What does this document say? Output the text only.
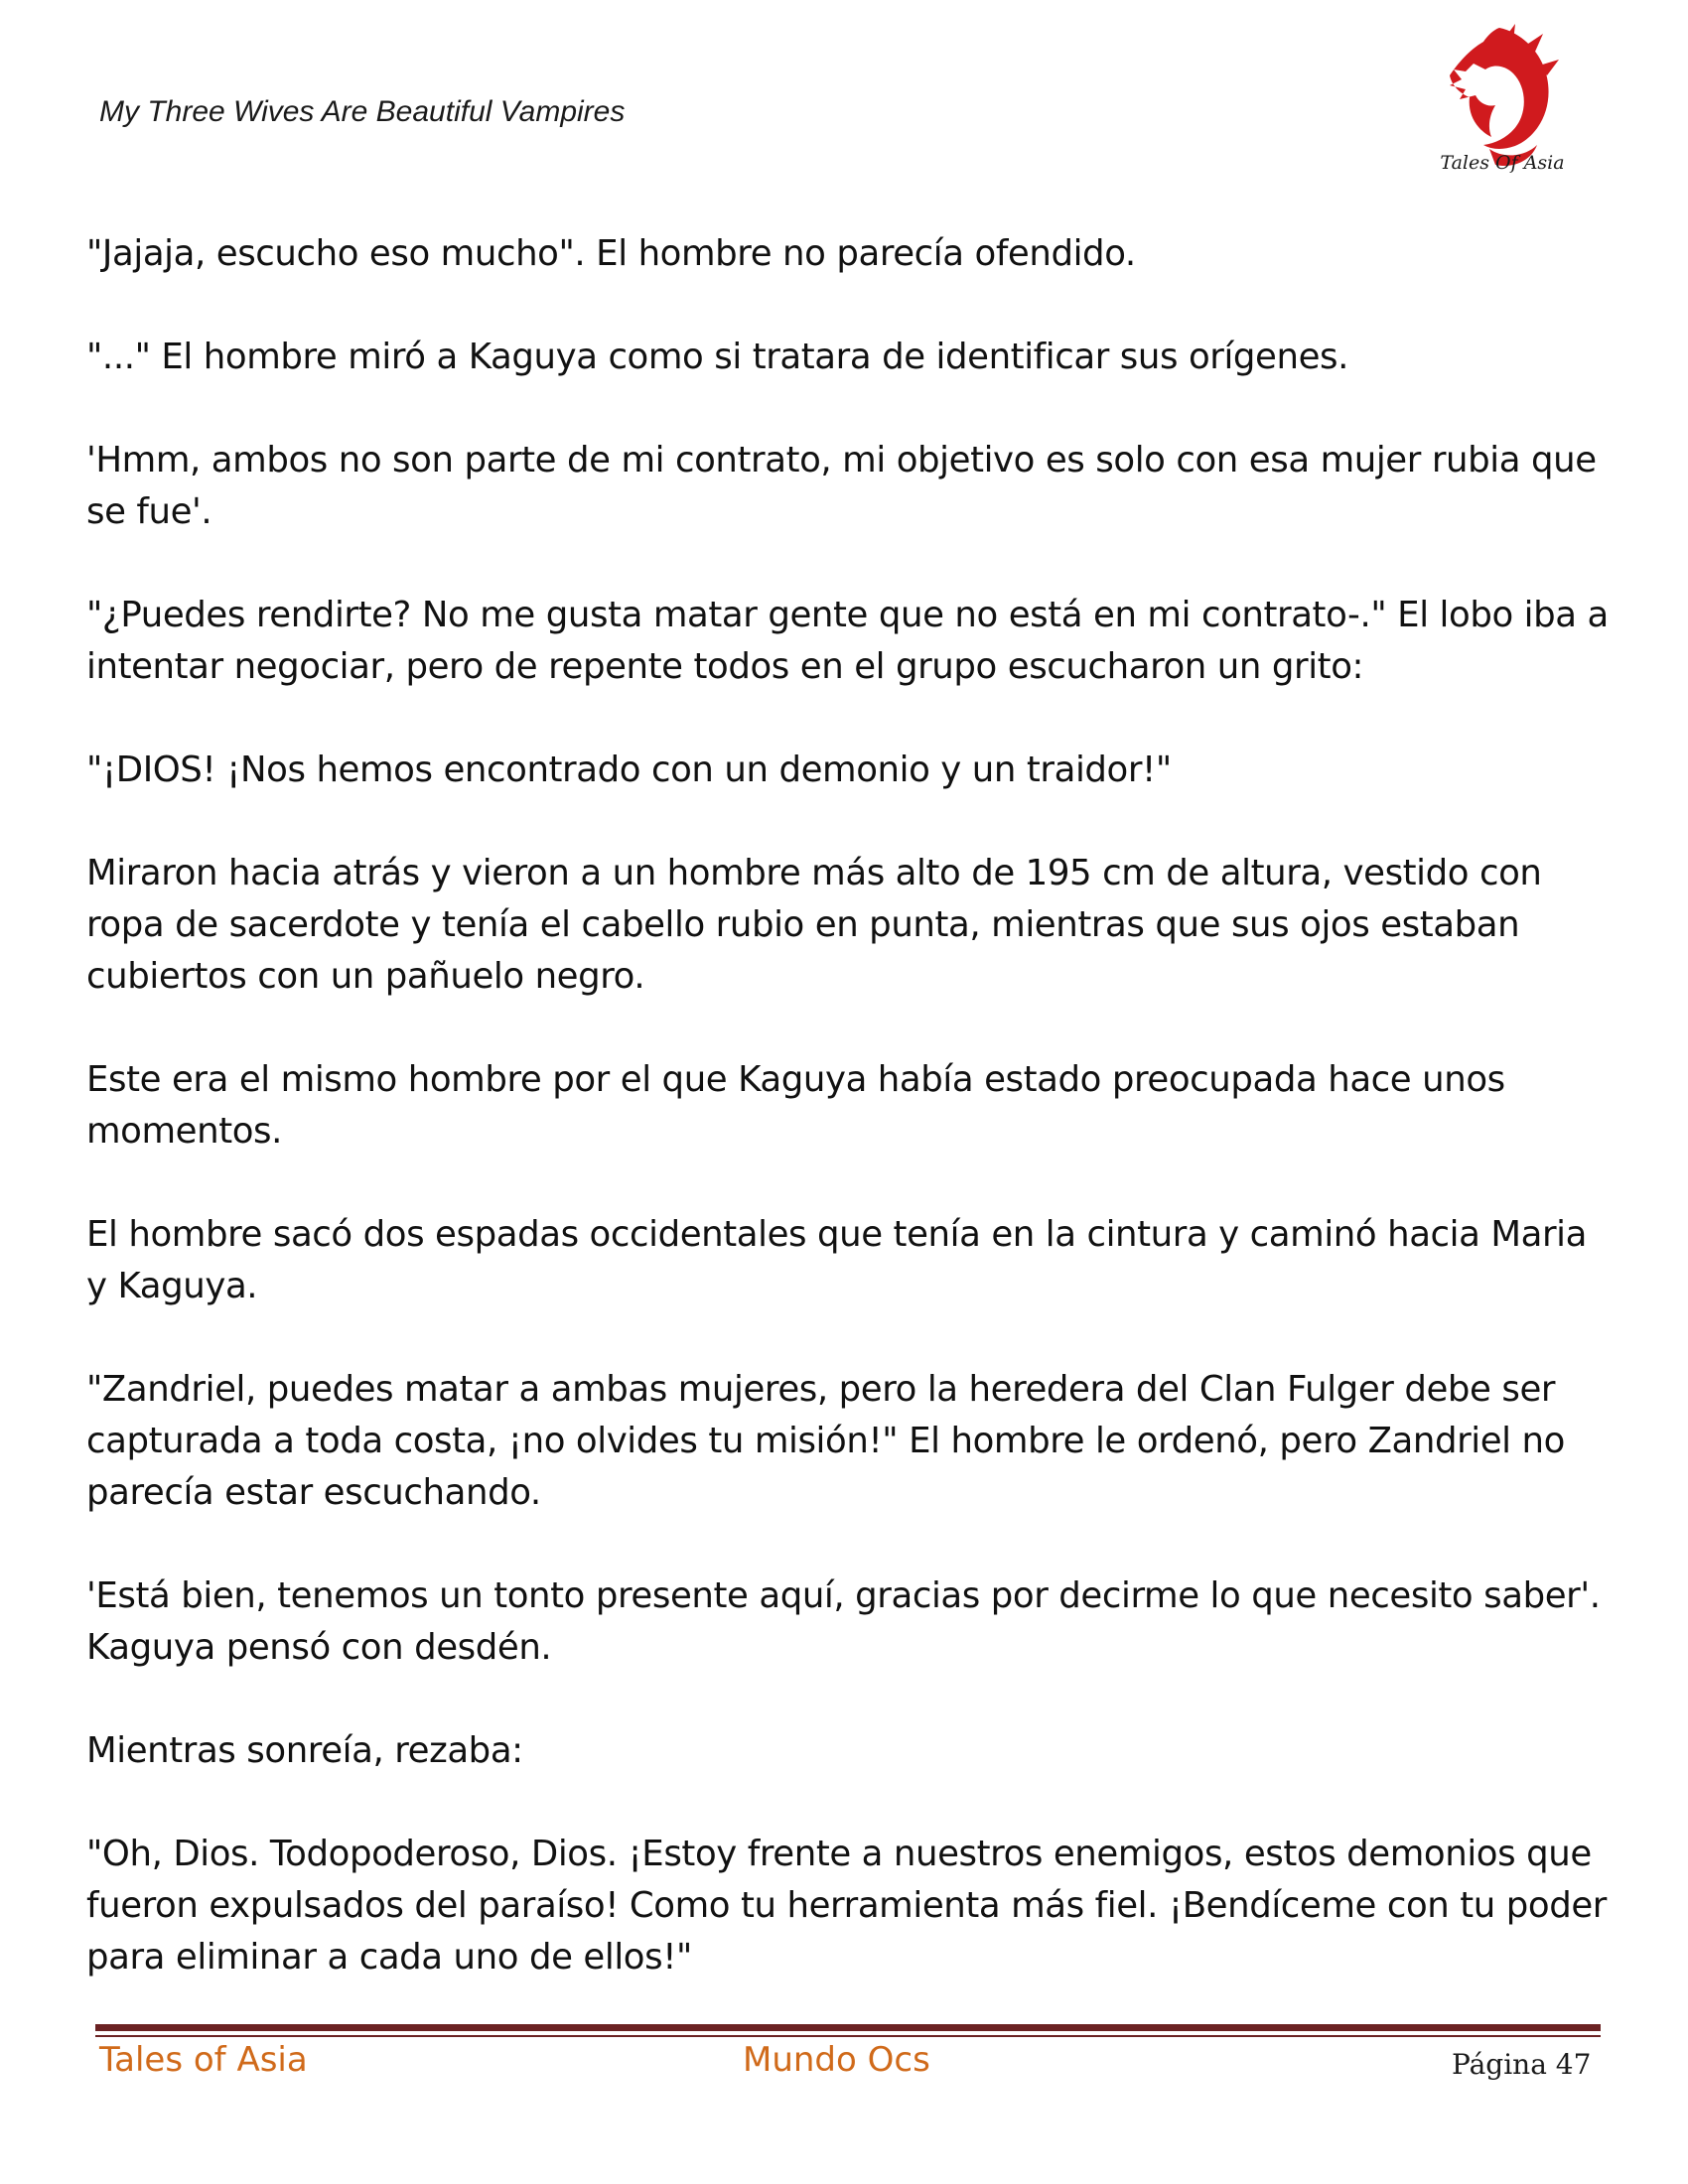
My Three Wives Are Beautiful Vampires
Tales Of Asia

"Jajaja, escucho eso mucho". El hombre no parecía ofendido.

"..." El hombre miró a Kaguya como si tratara de identificar sus orígenes.

'Hmm, ambos no son parte de mi contrato, mi objetivo es solo con esa mujer rubia que se fue'.

"¿Puedes rendirte? No me gusta matar gente que no está en mi contrato-." El lobo iba a intentar negociar, pero de repente todos en el grupo escucharon un grito:

"¡DIOS! ¡Nos hemos encontrado con un demonio y un traidor!"

Miraron hacia atrás y vieron a un hombre más alto de 195 cm de altura, vestido con ropa de sacerdote y tenía el cabello rubio en punta, mientras que sus ojos estaban cubiertos con un pañuelo negro.

Este era el mismo hombre por el que Kaguya había estado preocupada hace unos momentos.

El hombre sacó dos espadas occidentales que tenía en la cintura y caminó hacia Maria y Kaguya.

"Zandriel, puedes matar a ambas mujeres, pero la heredera del Clan Fulger debe ser capturada a toda costa, ¡no olvides tu misión!" El hombre le ordenó, pero Zandriel no parecía estar escuchando.

'Está bien, tenemos un tonto presente aquí, gracias por decirme lo que necesito saber'. Kaguya pensó con desdén.

Mientras sonreía, rezaba:

"Oh, Dios. Todopoderoso, Dios. ¡Estoy frente a nuestros enemigos, estos demonios que fueron expulsados del paraíso! Como tu herramienta más fiel. ¡Bendíceme con tu poder para eliminar a cada uno de ellos!"

Tales of Asia	Mundo Ocs	Página 47
